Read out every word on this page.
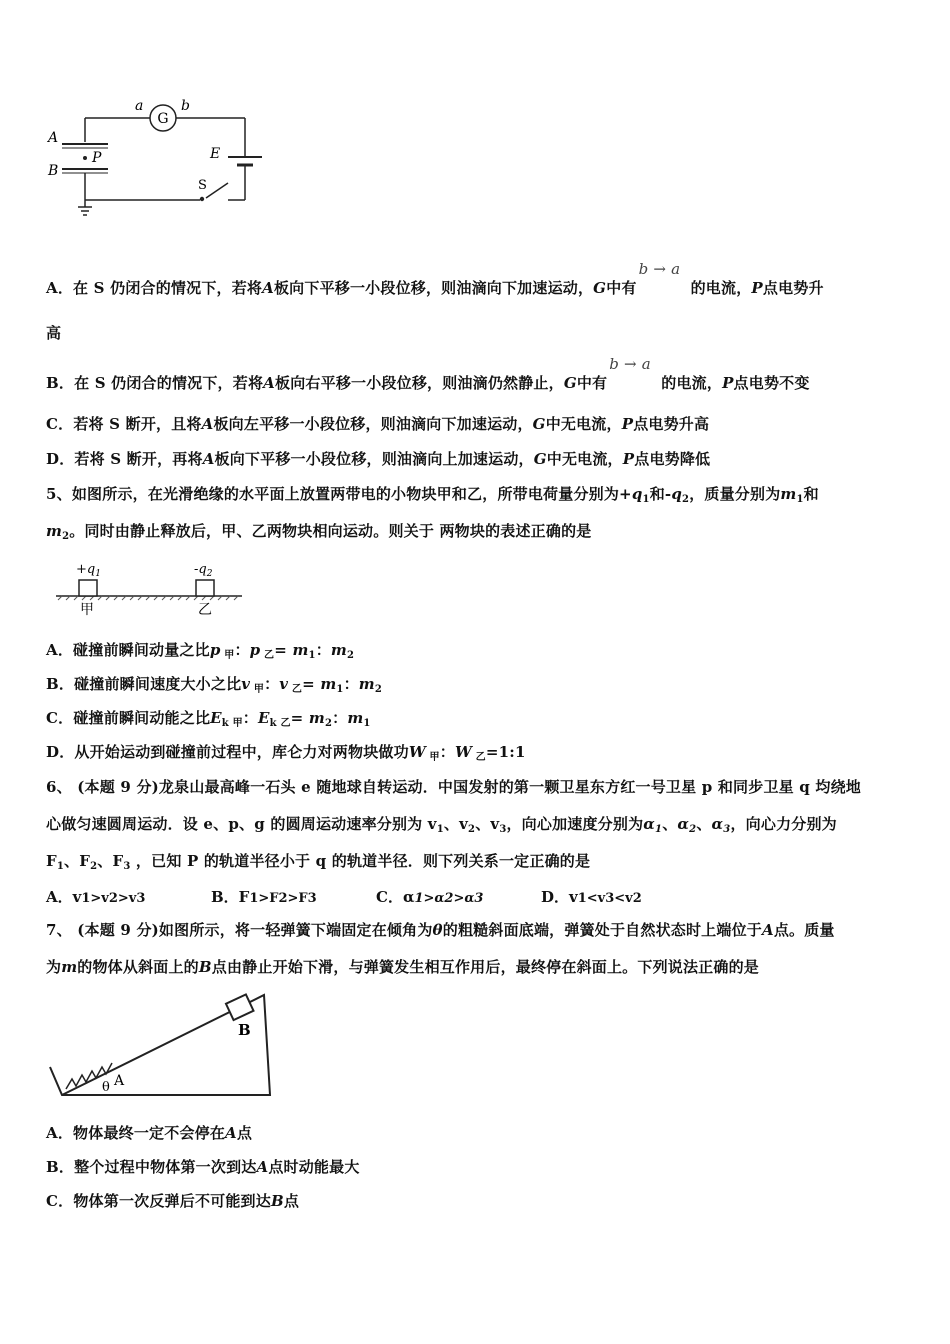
G
a	b
A
B
P	E
S
A．在 S 仍闭合的情况下，若将A板向下平移一小段位移，则油滴向下加速运动，G中有
b → a
的电流，P点电势升
高
B．在 S 仍闭合的情况下，若将A板向右平移一小段位移，则油滴仍然静止，G中有
b → a
的电流，P点电势不变
C．若将 S 断开，且将A板向左平移一小段位移，则油滴向下加速运动，G中无电流，P点电势升高
D．若将 S 断开，再将A板向下平移一小段位移，则油滴向上加速运动，G中无电流，P点电势降低
5、如图所示，在光滑绝缘的水平面上放置两带电的小物块甲和乙，所带电荷量分别为$+q_1$和$-q_2$，质量分别为$m_1$和
$m_2$。同时由静止释放后，甲、乙两物块相向运动。则关于 两物块的表述正确的是
$+q_1$	$-q_2$
甲	乙
A．碰撞前瞬间动量之比p $_甲$：p $_乙= m_1$：$m_2$
B．碰撞前瞬间速度大小之比v $_甲$：v $_乙= m_1$：$m_2$
C．碰撞前瞬间动能之比$E_{k 甲}$：$E_{k 乙}= m_2$：$m_1$
D．从开始运动到碰撞前过程中，库仑力对两物块做功W $_甲$：W $_乙$=1:1
6、 (本题 9 分)龙泉山最高峰一石头 e 随地球自转运动．中国发射的第一颗卫星东方红一号卫星 p 和同步卫星 q 均绕地
心做匀速圆周运动．设 e、p、g 的圆周运动速率分别为 $v_1$、$v_2$、$v_3$，向心加速度分别为$\alpha_1$、$\alpha_2$、$\alpha_3$，向心力分别为
$F_1$、$F_2$、$F_3$ ，已知 P 的轨道半径小于 q 的轨道半径．则下列关系一定正确的是
A．v1>v2>v3	B．F1>F2>F3	C．α1>α2>α3	D．v1<v3<v2
7、 (本题 9 分)如图所示，将一轻弹簧下端固定在倾角为θ的粗糙斜面底端，弹簧处于自然状态时上端位于A点。质量
为m的物体从斜面上的B点由静止开始下滑，与弹簧发生相互作用后，最终停在斜面上。下列说法正确的是
B
θ A
A．物体最终一定不会停在A点
B．整个过程中物体第一次到达A点时动能最大
C．物体第一次反弹后不可能到达B点
